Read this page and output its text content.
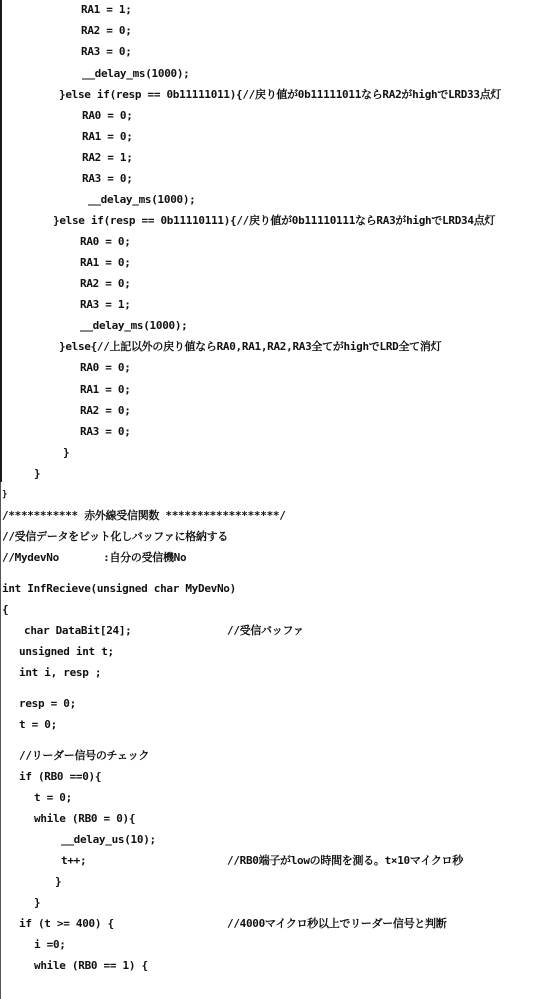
RA1 = 1;
RA2 = 0;
RA3 = 0;
__delay_ms(1000);
}else if(resp == 0b11111011){//戻り値が0b11111011ならRA2がhighでLRD33点灯
RA0 = 0;
RA1 = 0;
RA2 = 1;
RA3 = 0;
__delay_ms(1000);
}else if(resp == 0b11110111){//戻り値が0b11110111ならRA3がhighでLRD34点灯
RA0 = 0;
RA1 = 0;
RA2 = 0;
RA3 = 1;
__delay_ms(1000);
}else{//上記以外の戻り値ならRA0,RA1,RA2,RA3全てがhighでLRD全て消灯
RA0 = 0;
RA1 = 0;
RA2 = 0;
RA3 = 0;
}
}
}
/*********** 赤外線受信関数 ******************/
//受信データをビット化しバッファに格納する
//MydevNo       :自分の受信機No
int InfRecieve(unsigned char MyDevNo)
{
char DataBit[24];	//受信バッファ
unsigned int t;
int i, resp ;
resp = 0;
t = 0;
//リーダー信号のチェック
if (RB0 ==0){
t = 0;
while (RB0 = 0){
__delay_us(10);
t++;	//RB0端子がlowの時間を測る。t×10マイクロ秒
}
}
if (t >= 400) {	//4000マイクロ秒以上でリーダー信号と判断
i =0;
while (RB0 == 1) {
